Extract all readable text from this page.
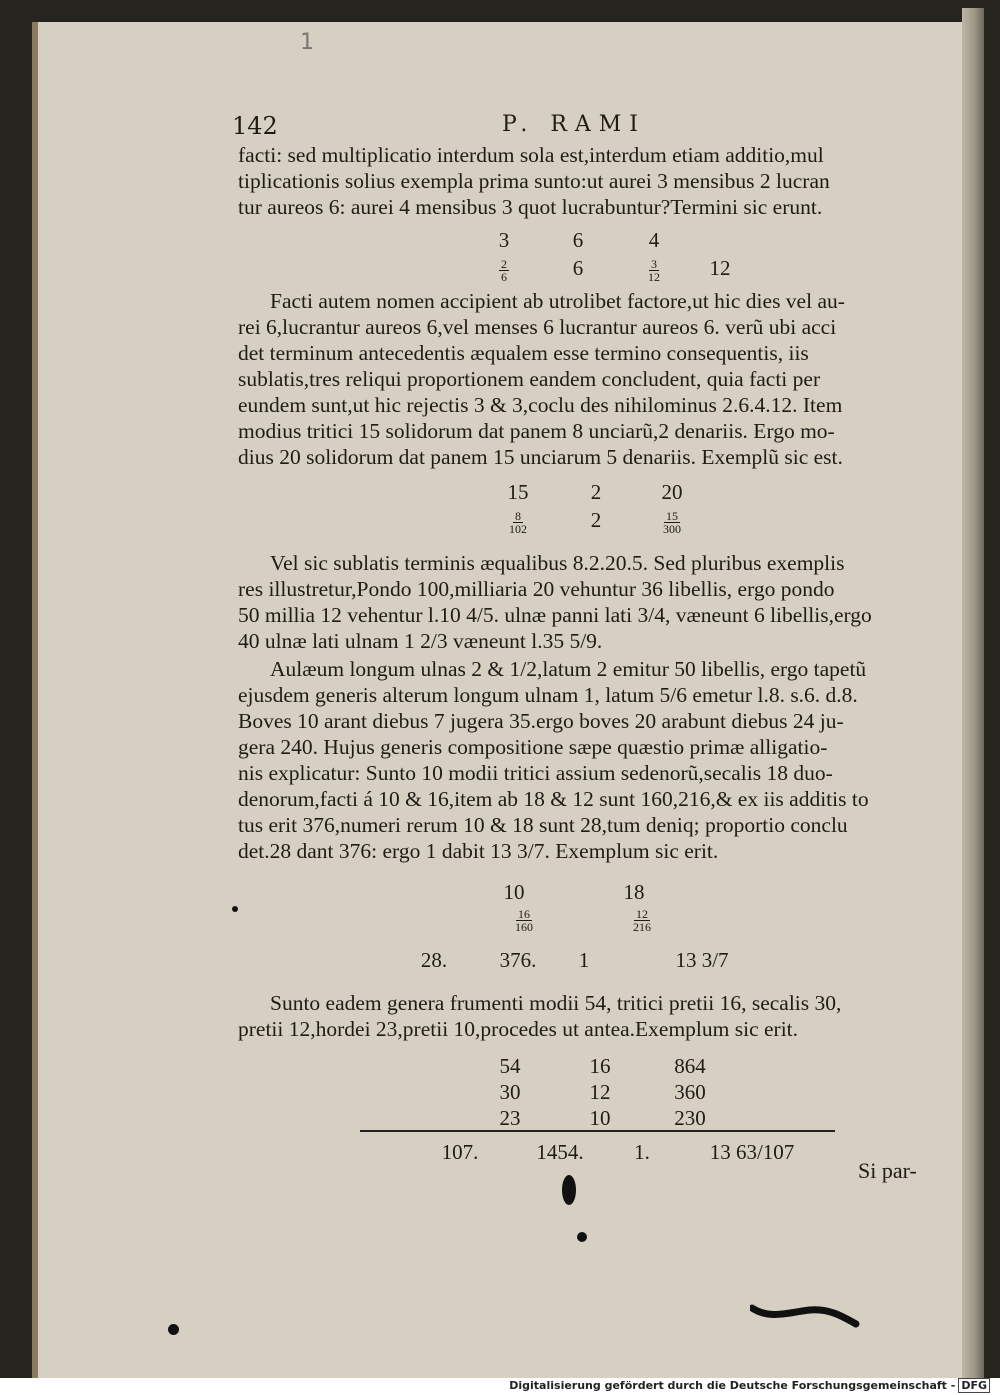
1
142	P. RAMI
facti: sed multiplicatio interdum sola est,interdum etiam additio,mul
tiplicationis solius exempla prima sunto:ut aurei 3 mensibus 2 lucran
tur aureos 6: aurei 4 mensibus 3 quot lucrabuntur?Termini sic erunt.
3	6	4
$\frac{2}{6}$	6	$\frac{3}{12}$	12
Facti autem nomen accipient ab utrolibet factore,ut hic dies vel au-
rei 6,lucrantur aureos 6,vel menses 6 lucrantur aureos 6. verũ ubi acci
det terminum antecedentis æqualem esse termino consequentis, iis
sublatis,tres reliqui proportionem eandem concludent, quia facti per
eundem sunt,ut hic rejectis 3 & 3,coclu des nihilominus 2.6.4.12. Item
modius tritici 15 solidorum dat panem 8 unciarũ,2 denariis. Ergo mo-
dius 20 solidorum dat panem 15 unciarum 5 denariis. Exemplũ sic est.
15	2	20
$\frac{8}{102}$	2	$\frac{15}{300}$
Vel sic sublatis terminis æqualibus 8.2.20.5. Sed pluribus exemplis
res illustretur,Pondo 100,milliaria 20 vehuntur 36 libellis, ergo pondo
50 millia 12 vehentur l.10 4/5. ulnæ panni lati 3/4, væneunt 6 libellis,ergo
40 ulnæ lati ulnam 1 2/3 væneunt l.35 5/9.
Aulæum longum ulnas 2 & 1/2,latum 2 emitur 50 libellis, ergo tapetũ
ejusdem generis alterum longum ulnam 1, latum 5/6 emetur l.8. s.6. d.8.
Boves 10 arant diebus 7 jugera 35.ergo boves 20 arabunt diebus 24 ju-
gera 240. Hujus generis compositione sæpe quæstio primæ alligatio-
nis explicatur: Sunto 10 modii tritici assium sedenorũ,secalis 18 duo-
denorum,facti á 10 & 16,item ab 18 & 12 sunt 160,216,& ex iis additis to
tus erit 376,numeri rerum 10 & 18 sunt 28,tum deniq; proportio conclu
det.28 dant 376: ergo 1 dabit 13 3/7. Exemplum sic erit.
10	18
$\frac{16}{160}$	$\frac{12}{216}$
28.	376.	1	13 3/7
Sunto eadem genera frumenti modii 54, tritici pretii 16, secalis 30,
pretii 12,hordei 23,pretii 10,procedes ut antea.Exemplum sic erit.
54	16	864
30	12	360
23	10	230
107.	1454.	1.	13 63/107
Si par-
Digitalisierung gefördert durch die Deutsche Forschungsgemeinschaft - DFG
